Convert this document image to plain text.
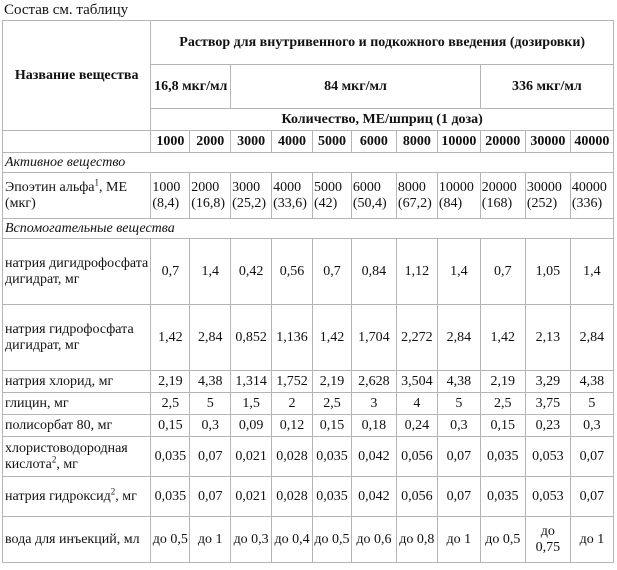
Состав см. таблицу
Название вещества	Раствор для внутривенного и подкожного введения (дозировки)										
	16,8 мкг/мл		84 мкг/мл						336 мкг/мл		
	Количество, МЕ/шприц (1 доза)										
	1000	2000	3000	4000	5000	6000	8000	10000	20000	30000	40000
Активное вещество											
Эпоэтин альфа$^1$, МЕ (мкг)	1000 (8,4)	2000 (16,8)	3000 (25,2)	4000 (33,6)	5000 (42)	6000 (50,4)	8000 (67,2)	10000 (84)	20000 (168)	30000 (252)	40000 (336)
Вспомогательные вещества											
натрия дигидрофосфата дигидрат, мг	0,7	1,4	0,42	0,56	0,7	0,84	1,12	1,4	0,7	1,05	1,4
натрия гидрофосфата дигидрат, мг	1,42	2,84	0,852	1,136	1,42	1,704	2,272	2,84	1,42	2,13	2,84
натрия хлорид, мг	2,19	4,38	1,314	1,752	2,19	2,628	3,504	4,38	2,19	3,29	4,38
глицин, мг	2,5	5	1,5	2	2,5	3	4	5	2,5	3,75	5
полисорбат 80, мг	0,15	0,3	0,09	0,12	0,15	0,18	0,24	0,3	0,15	0,23	0,3
хлористоводородная кислота$^2$, мг	0,035	0,07	0,021	0,028	0,035	0,042	0,056	0,07	0,035	0,053	0,07
натрия гидроксид$^2$, мг	0,035	0,07	0,021	0,028	0,035	0,042	0,056	0,07	0,035	0,053	0,07
вода для инъекций, мл	до 0,5	до 1	до 0,3	до 0,4	до 0,5	до 0,6	до 0,8	до 1	до 0,5	до 0,75	до 1
